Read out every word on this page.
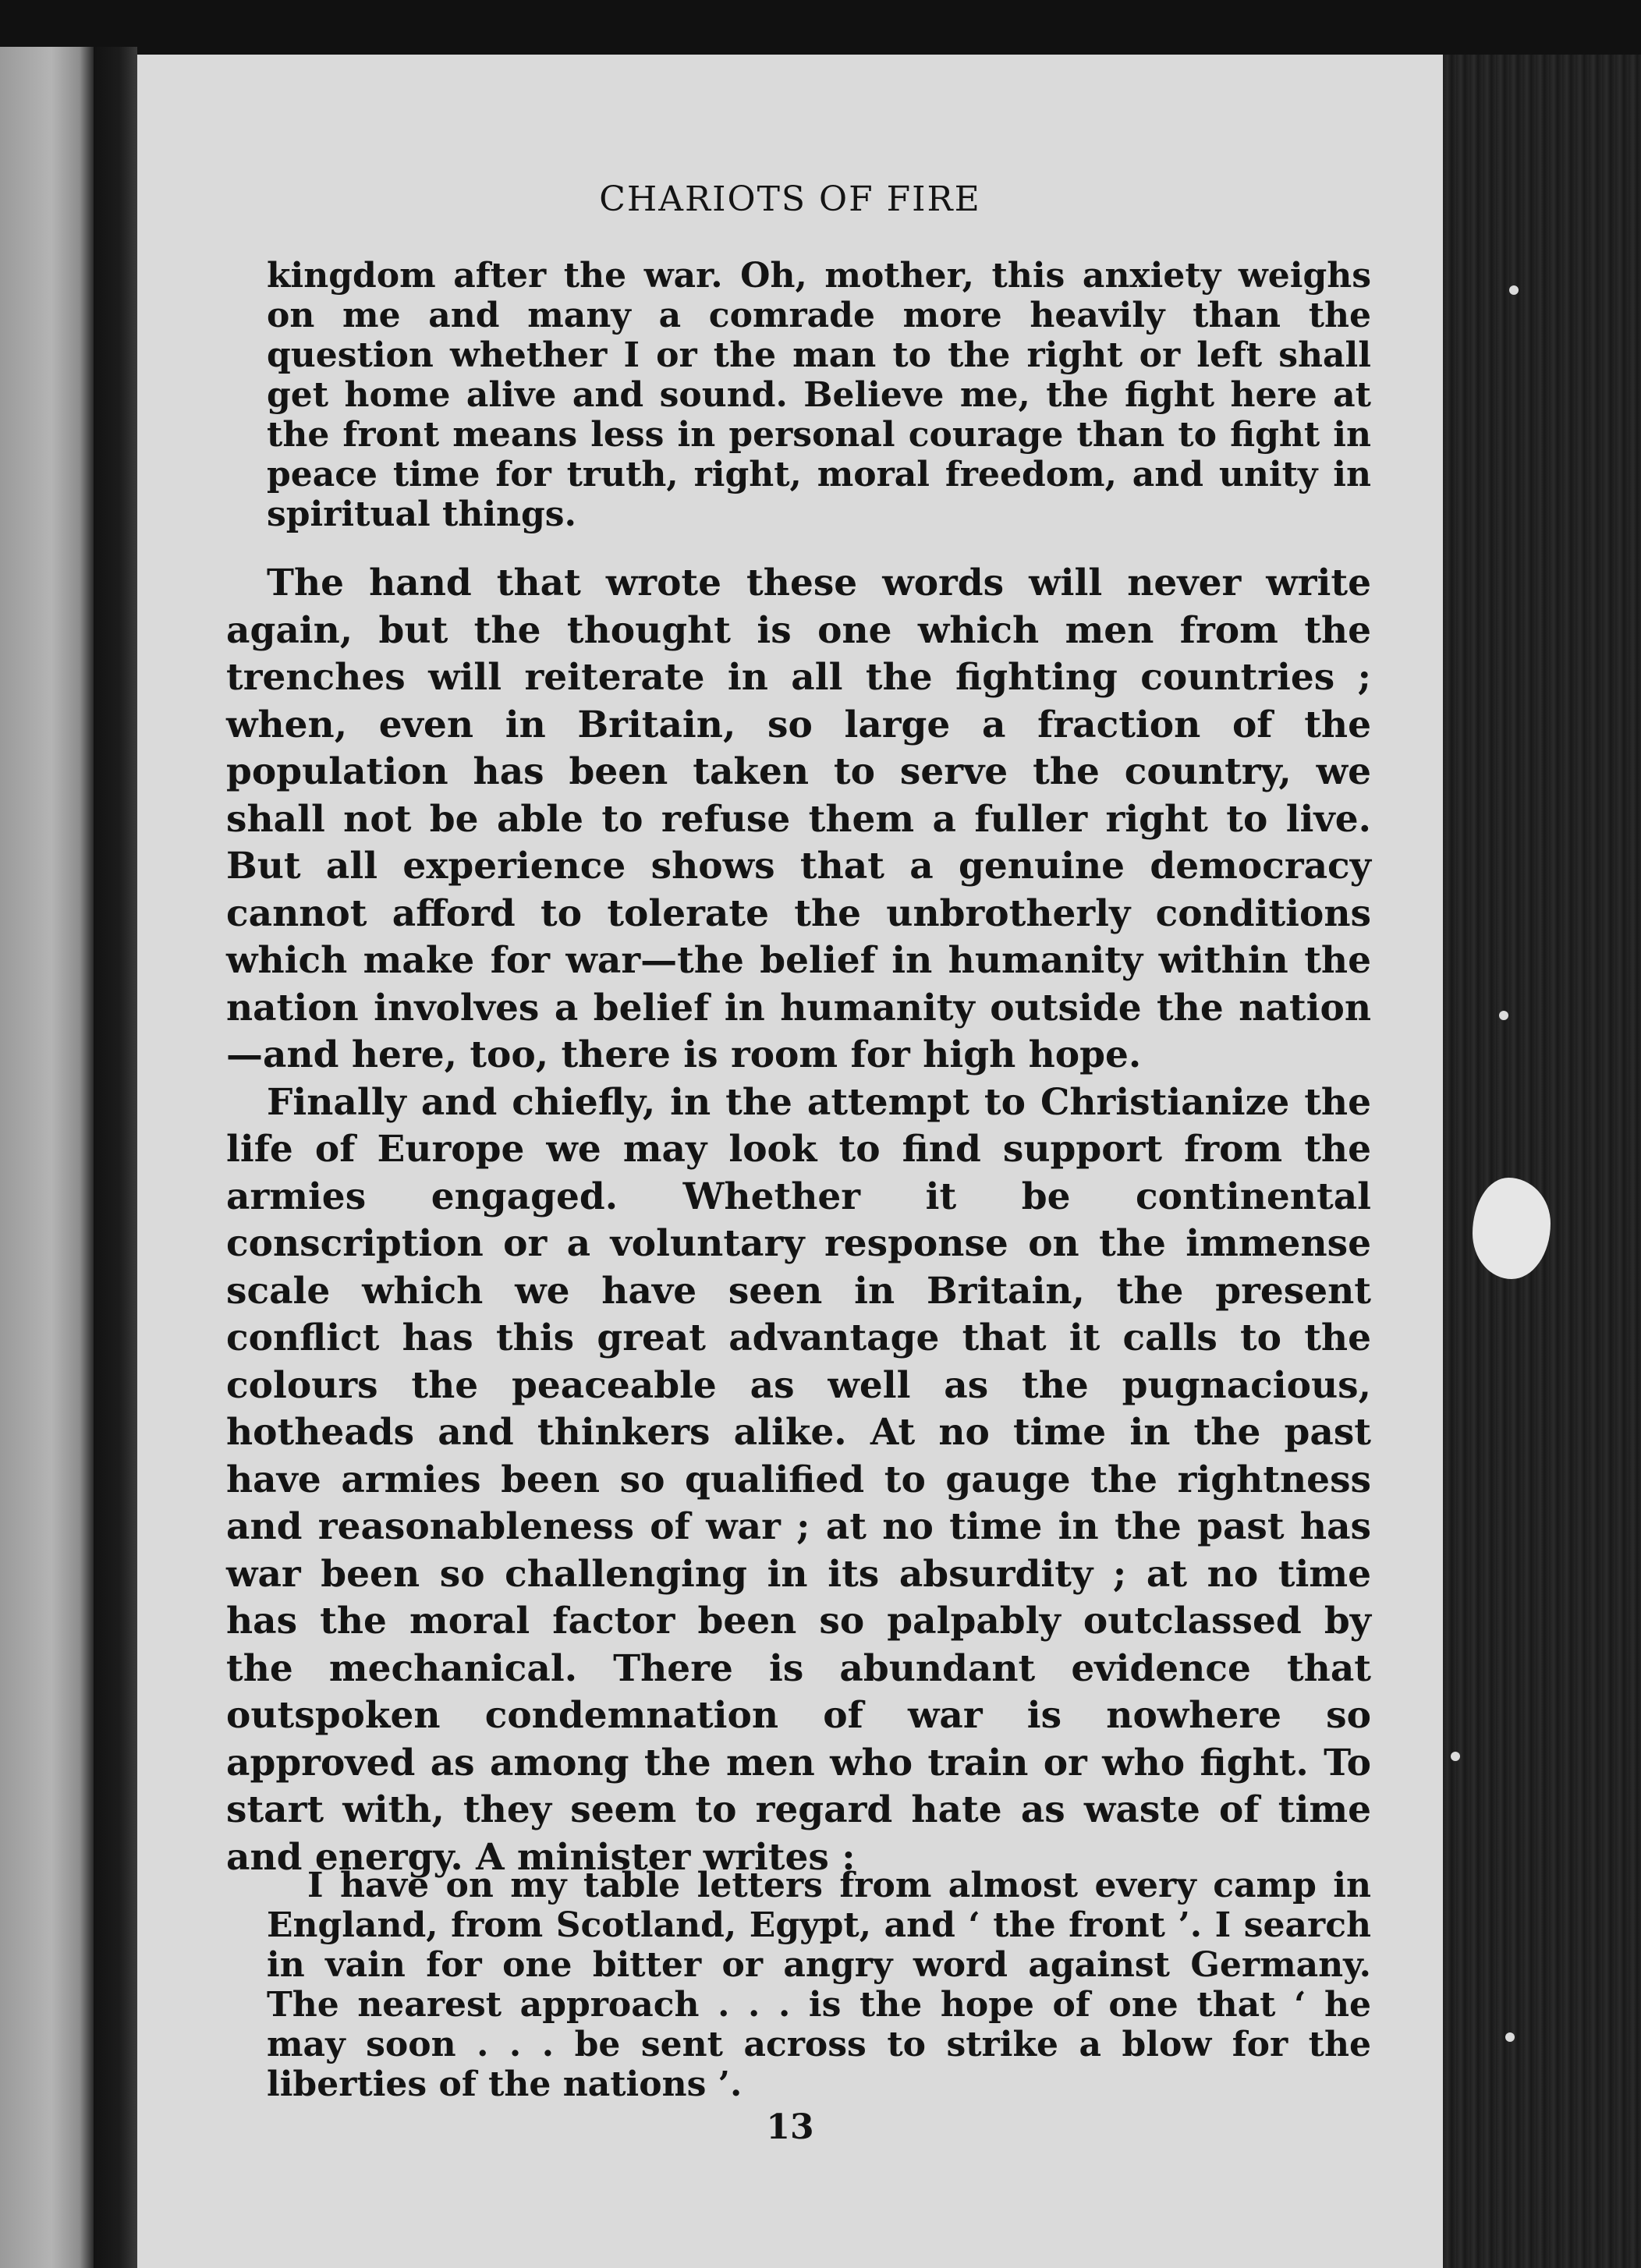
CHARIOTS OF FIRE

kingdom after the war. Oh, mother, this anxiety weighs on me and many a comrade more heavily than the question whether I or the man to the right or left shall get home alive and sound. Believe me, the fight here at the front means less in personal courage than to fight in peace time for truth, right, moral freedom, and unity in spiritual things.

The hand that wrote these words will never write again, but the thought is one which men from the trenches will reiterate in all the fighting countries ; when, even in Britain, so large a fraction of the population has been taken to serve the country, we shall not be able to refuse them a fuller right to live. But all experience shows that a genuine democracy cannot afford to tolerate the unbrotherly conditions which make for war—the belief in humanity within the nation involves a belief in humanity outside the nation—and here, too, there is room for high hope.

Finally and chiefly, in the attempt to Christianize the life of Europe we may look to find support from the armies engaged. Whether it be continental conscription or a voluntary response on the immense scale which we have seen in Britain, the present conflict has this great advantage that it calls to the colours the peaceable as well as the pugnacious, hotheads and thinkers alike. At no time in the past have armies been so qualified to gauge the rightness and reasonableness of war ; at no time in the past has war been so challenging in its absurdity ; at no time has the moral factor been so palpably outclassed by the mechanical. There is abundant evidence that outspoken condemnation of war is nowhere so approved as among the men who train or who fight. To start with, they seem to regard hate as waste of time and energy. A minister writes :

I have on my table letters from almost every camp in England, from Scotland, Egypt, and ‘ the front ’. I search in vain for one bitter or angry word against Germany. The nearest approach . . . is the hope of one that ‘ he may soon . . . be sent across to strike a blow for the liberties of the nations ’.

13
